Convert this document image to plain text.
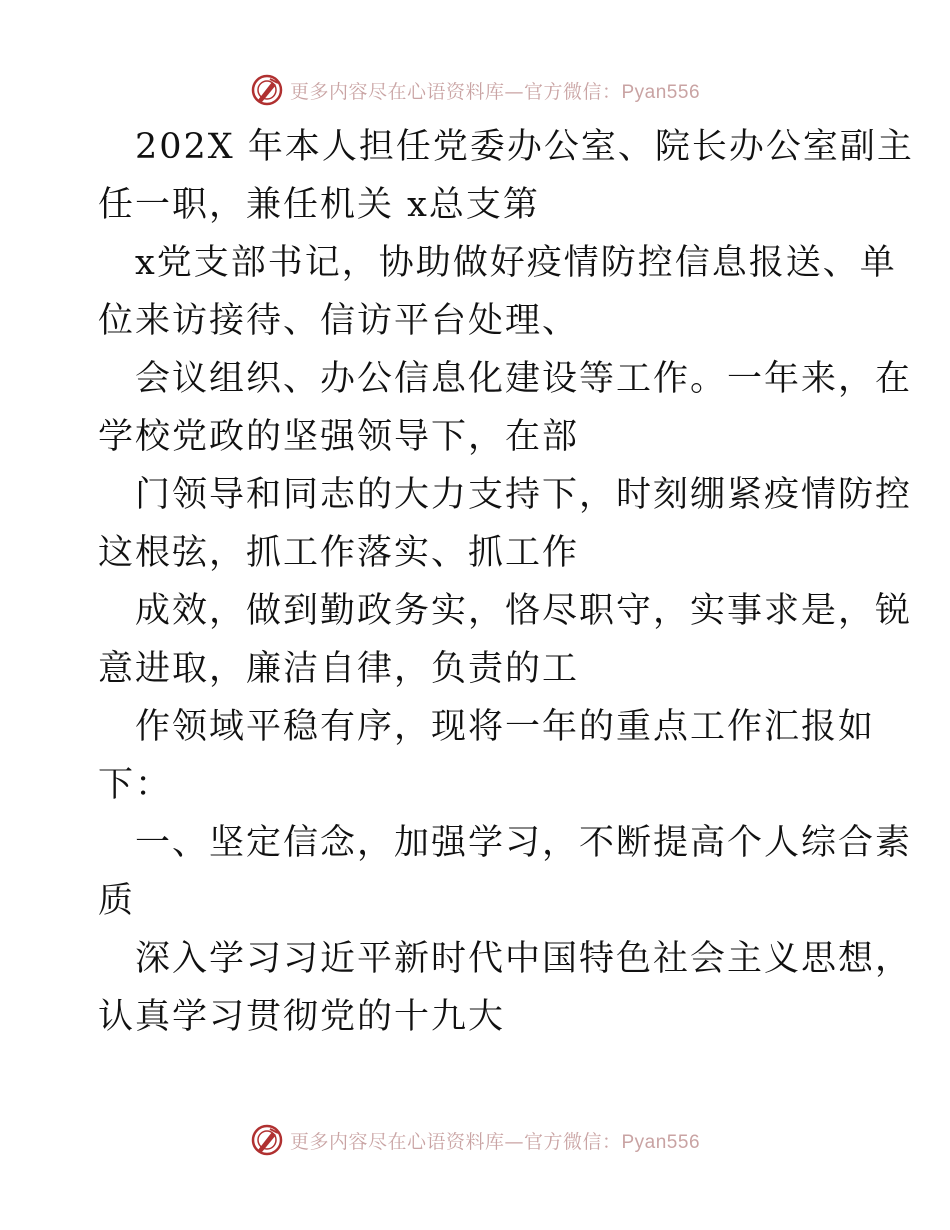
更多内容尽在心语资料库—官方微信：Pyan556
202X 年本人担任党委办公室、院长办公室副主
任一职，兼任机关 x总支第
x党支部书记，协助做好疫情防控信息报送、单
位来访接待、信访平台处理、
会议组织、办公信息化建设等工作。一年来，在
学校党政的坚强领导下，在部
门领导和同志的大力支持下，时刻绷紧疫情防控
这根弦，抓工作落实、抓工作
成效，做到勤政务实，恪尽职守，实事求是，锐
意进取，廉洁自律，负责的工
作领域平稳有序，现将一年的重点工作汇报如
下：
一、坚定信念，加强学习，不断提高个人综合素
质
深入学习习近平新时代中国特色社会主义思想，
认真学习贯彻党的十九大
更多内容尽在心语资料库—官方微信：Pyan556
